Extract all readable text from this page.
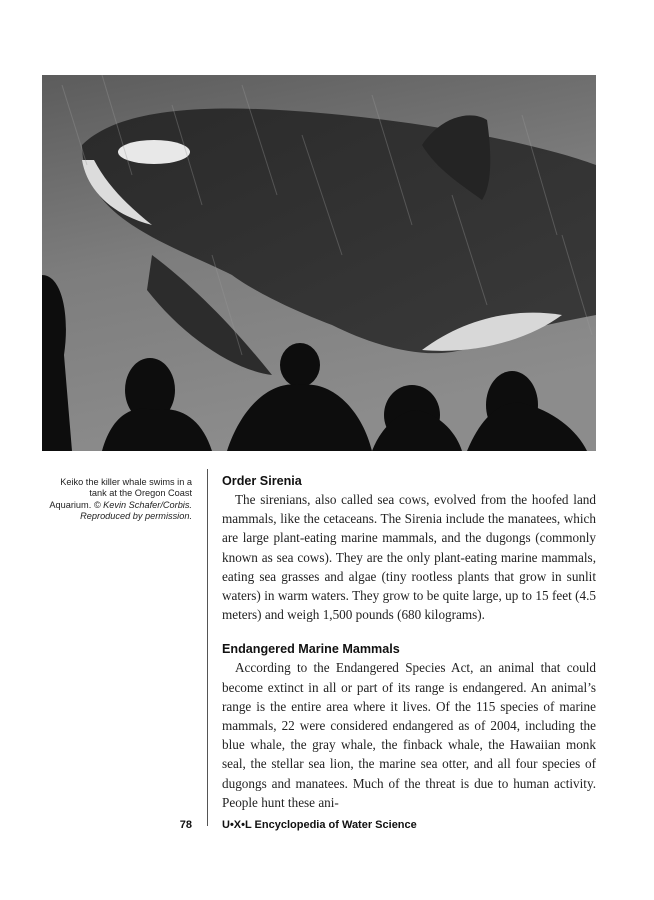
Keiko the killer whale swims in a tank at the Oregon Coast Aquarium. © Kevin Schafer/Corbis. Reproduced by permission.
Order Sirenia

The sirenians, also called sea cows, evolved from the hoofed land mammals, like the cetaceans. The Sirenia include the manatees, which are large plant-eating marine mammals, and the dugongs (commonly known as sea cows). They are the only plant-eating marine mammals, eating sea grasses and algae (tiny rootless plants that grow in sunlit waters) in warm waters. They grow to be quite large, up to 15 feet (4.5 meters) and weigh 1,500 pounds (680 kilograms).

Endangered Marine Mammals

According to the Endangered Species Act, an animal that could become extinct in all or part of its range is endangered. An animal’s range is the entire area where it lives. Of the 115 species of marine mammals, 22 were considered endangered as of 2004, including the blue whale, the gray whale, the finback whale, the Hawaiian monk seal, the stellar sea lion, the marine sea otter, and all four species of dugongs and manatees. Much of the threat is due to human activity. People hunt these ani-

78	U•X•L Encyclopedia of Water Science
